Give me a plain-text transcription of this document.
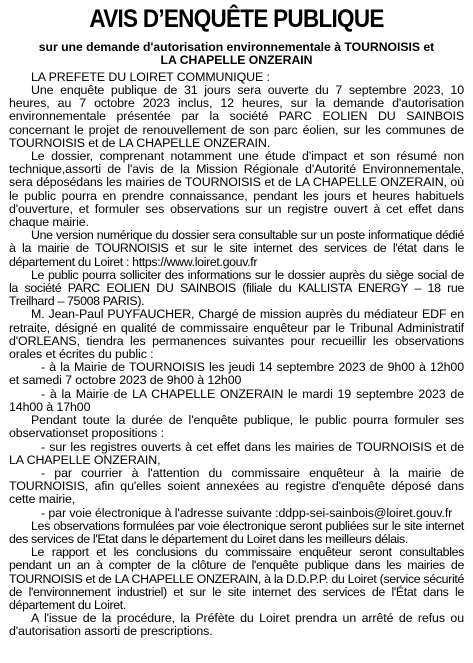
AVIS D’ENQUÊTE PUBLIQUE
sur une demande d'autorisation environnementale à TOURNOISIS et LA CHAPELLE ONZERAIN

LA PREFETE DU LOIRET COMMUNIQUE :

Une enquête publique de 31 jours sera ouverte du 7 septembre 2023, 10 heures, au 7 octobre 2023 inclus, 12 heures, sur la demande d'autorisation environnementale présentée par la société PARC EOLIEN DU SAINBOIS concernant le projet de renouvellement de son parc éolien, sur les communes de TOURNOISIS et de LA CHAPELLE ONZERAIN.

Le dossier, comprenant notamment une étude d'impact et son résumé non technique,assorti de l'avis de la Mission Régionale d'Autorité Environnementale, sera déposédans les mairies de TOURNOISIS et de LA CHAPELLE ONZERAIN, où le public pourra en prendre connaissance, pendant les jours et heures habituels d'ouverture, et formuler ses observations sur un registre ouvert à cet effet dans chaque mairie.

Une version numérique du dossier sera consultable sur un poste informatique dédié à la mairie de TOURNOISIS et sur le site internet des services de l'état dans le département du Loiret : https://www.loiret.gouv.fr

Le public pourra solliciter des informations sur le dossier auprès du siège social de la société PARC EOLIEN DU SAINBOIS (filiale du KALLISTA ENERGY – 18 rue Treilhard – 75008 PARIS).

M. Jean-Paul PUYFAUCHER, Chargé de mission auprès du médiateur EDF en retraite, désigné en qualité de commissaire enquêteur par le Tribunal Administratif d'ORLEANS, tiendra les permanences suivantes pour recueillir les observations orales et écrites du public :

- à la Mairie de TOURNOISIS les jeudi 14 septembre 2023 de 9h00 à 12h00 et samedi 7 octobre 2023 de 9h00 à 12h00

- à la Mairie de LA CHAPELLE ONZERAIN le mardi 19 septembre 2023 de 14h00 à 17h00

Pendant toute la durée de l'enquête publique, le public pourra formuler ses observationset propositions :

- sur les registres ouverts à cet effet dans les mairies de TOURNOISIS et de LA CHAPELLE ONZERAIN,

- par courrier à l'attention du commissaire enquêteur à la mairie de TOURNOISIS, afin qu'elles soient annexées au registre d'enquête déposé dans cette mairie,

- par voie électronique à l'adresse suivante :ddpp-sei-sainbois@loiret.gouv.fr

Les observations formulées par voie électronique seront publiées sur le site internet des services de l'Etat dans le département du Loiret dans les meilleurs délais.

Le rapport et les conclusions du commissaire enquêteur seront consultables pendant un an à compter de la clôture de l'enquête publique dans les mairies de TOURNOISIS et de LA CHAPELLE ONZERAIN, à la D.D.P.P. du Loiret (service sécurité de l'environnement industriel) et sur le site internet des services de l'État dans le département du Loiret.

A l'issue de la procédure, la Préfète du Loiret prendra un arrêté de refus ou d'autorisation assorti de prescriptions.
